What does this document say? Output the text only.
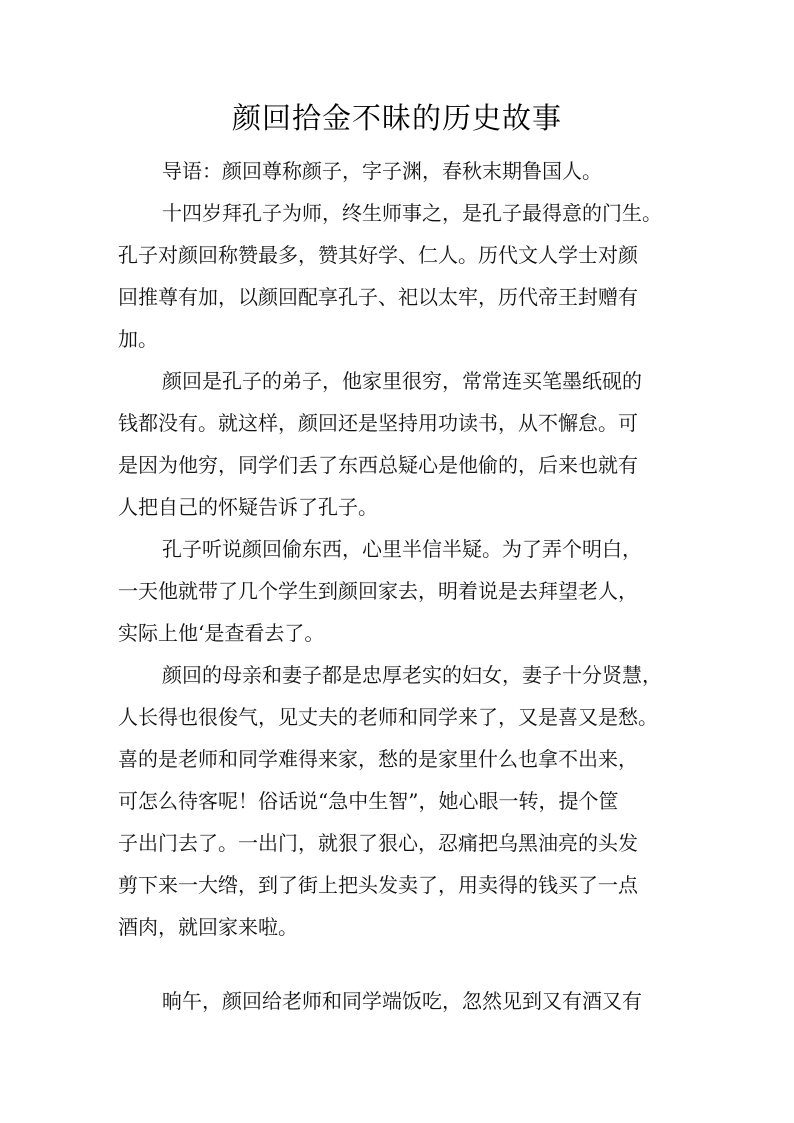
颜回拾金不昧的历史故事
导语：颜回尊称颜子，字子渊，春秋末期鲁国人。
十四岁拜孔子为师，终生师事之，是孔子最得意的门生。
孔子对颜回称赞最多，赞其好学、仁人。历代文人学士对颜
回推尊有加，以颜回配享孔子、祀以太牢，历代帝王封赠有
加。
颜回是孔子的弟子，他家里很穷，常常连买笔墨纸砚的
钱都没有。就这样，颜回还是坚持用功读书，从不懈怠。可
是因为他穷，同学们丢了东西总疑心是他偷的，后来也就有
人把自己的怀疑告诉了孔子。
孔子听说颜回偷东西，心里半信半疑。为了弄个明白，
一天他就带了几个学生到颜回家去，明着说是去拜望老人，
实际上他‘是查看去了。
颜回的母亲和妻子都是忠厚老实的妇女，妻子十分贤慧，
人长得也很俊气，见丈夫的老师和同学来了，又是喜又是愁。
喜的是老师和同学难得来家，愁的是家里什么也拿不出来，
可怎么待客呢！俗话说“急中生智”，她心眼一转，提个筐
子出门去了。一出门，就狠了狠心，忍痛把乌黑油亮的头发
剪下来一大绺，到了街上把头发卖了，用卖得的钱买了一点
酒肉，就回家来啦。
晌午，颜回给老师和同学端饭吃，忽然见到又有酒又有
